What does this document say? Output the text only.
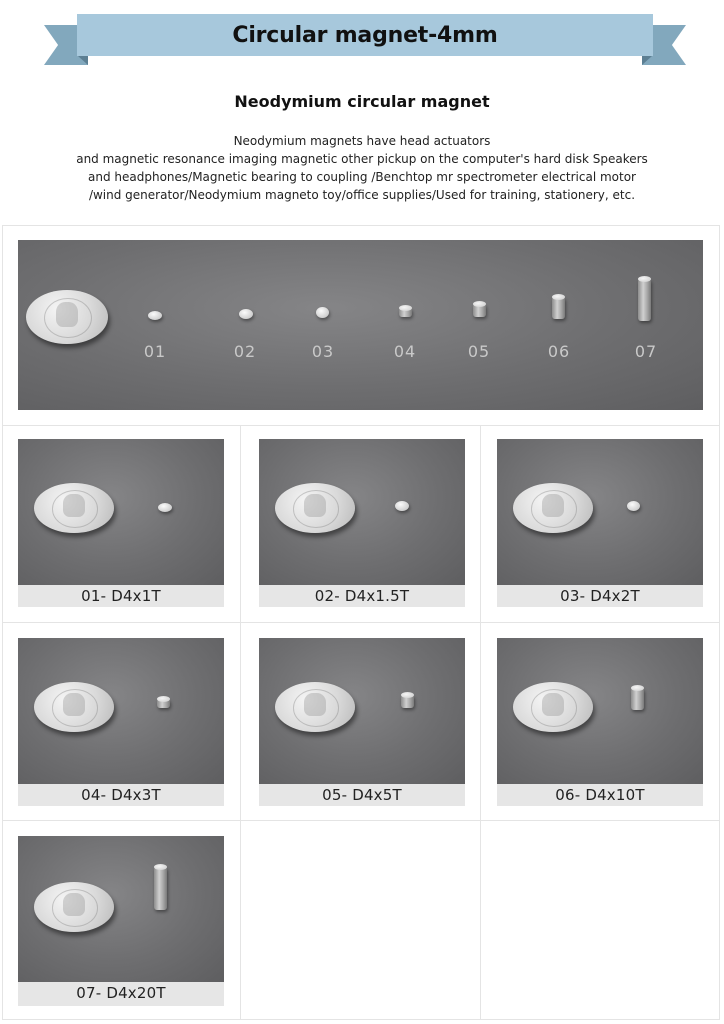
Circular magnet-4mm
Neodymium circular magnet
Neodymium magnets have head actuators
and magnetic resonance imaging magnetic other pickup on the computer's hard disk Speakers
and headphones/Magnetic bearing to coupling /Benchtop mr spectrometer electrical motor
/wind generator/Neodymium magneto toy/office supplies/Used for training, stationery, etc.
01	02	03	04	05	06	07
01- D4x1T	02- D4x1.5T	03- D4x2T
04- D4x3T	05- D4x5T	06- D4x10T
07- D4x20T
